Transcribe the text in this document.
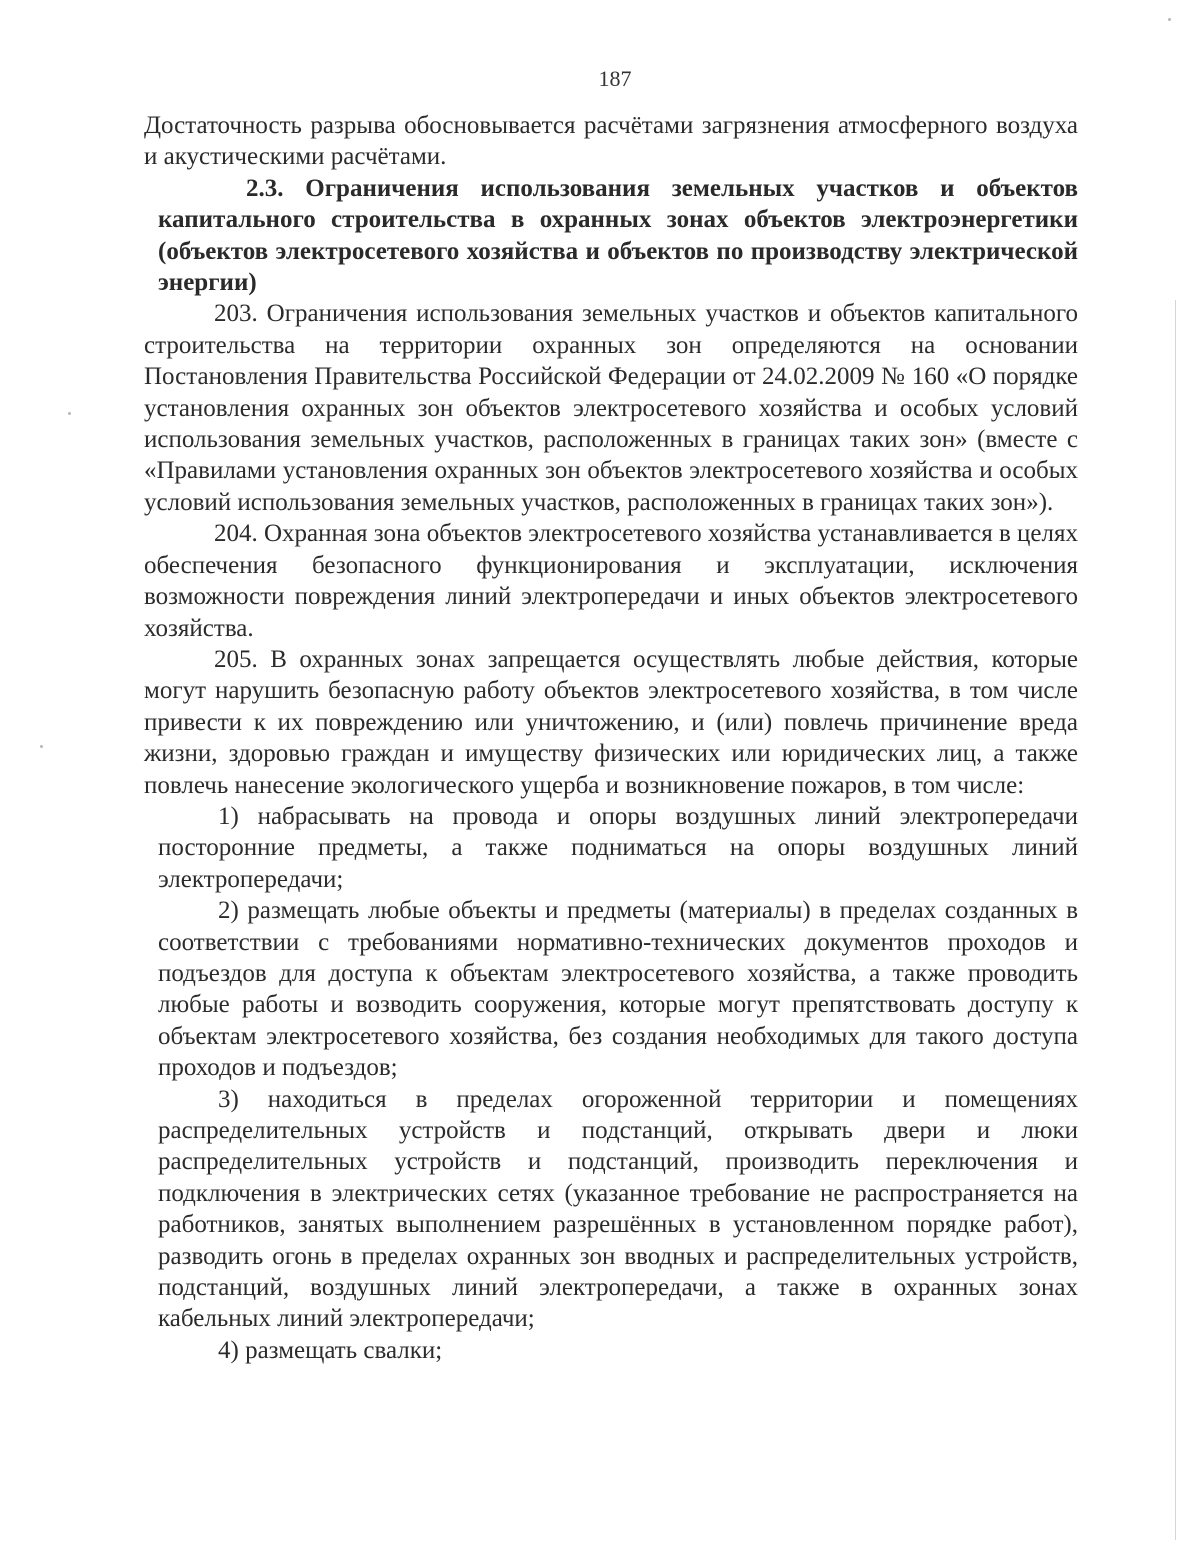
187

Достаточность разрыва обосновывается расчётами загрязнения атмосферного воздуха и акустическими расчётами.

2.3. Ограничения использования земельных участков и объектов капитального строительства в охранных зонах объектов электроэнергетики (объектов электросетевого хозяйства и объектов по производству электрической энергии)

203. Ограничения использования земельных участков и объектов капитального строительства на территории охранных зон определяются на основании Постановления Правительства Российской Федерации от 24.02.2009 № 160 «О порядке установления охранных зон объектов электросетевого хозяйства и особых условий использования земельных участков, расположенных в границах таких зон» (вместе с «Правилами установления охранных зон объектов электросетевого хозяйства и особых условий использования земельных участков, расположенных в границах таких зон»).

204. Охранная зона объектов электросетевого хозяйства устанавливается в целях обеспечения безопасного функционирования и эксплуатации, исключения возможности повреждения линий электропередачи и иных объектов электросетевого хозяйства.

205. В охранных зонах запрещается осуществлять любые действия, которые могут нарушить безопасную работу объектов электросетевого хозяйства, в том числе привести к их повреждению или уничтожению, и (или) повлечь причинение вреда жизни, здоровью граждан и имуществу физических или юридических лиц, а также повлечь нанесение экологического ущерба и возникновение пожаров, в том числе:

1) набрасывать на провода и опоры воздушных линий электропередачи посторонние предметы, а также подниматься на опоры воздушных линий электропередачи;

2) размещать любые объекты и предметы (материалы) в пределах созданных в соответствии с требованиями нормативно-технических документов проходов и подъездов для доступа к объектам электросетевого хозяйства, а также проводить любые работы и возводить сооружения, которые могут препятствовать доступу к объектам электросетевого хозяйства, без создания необходимых для такого доступа проходов и подъездов;

3) находиться в пределах огороженной территории и помещениях распределительных устройств и подстанций, открывать двери и люки распределительных устройств и подстанций, производить переключения и подключения в электрических сетях (указанное требование не распространяется на работников, занятых выполнением разрешённых в установленном порядке работ), разводить огонь в пределах охранных зон вводных и распределительных устройств, подстанций, воздушных линий электропередачи, а также в охранных зонах кабельных линий электропередачи;

4) размещать свалки;
